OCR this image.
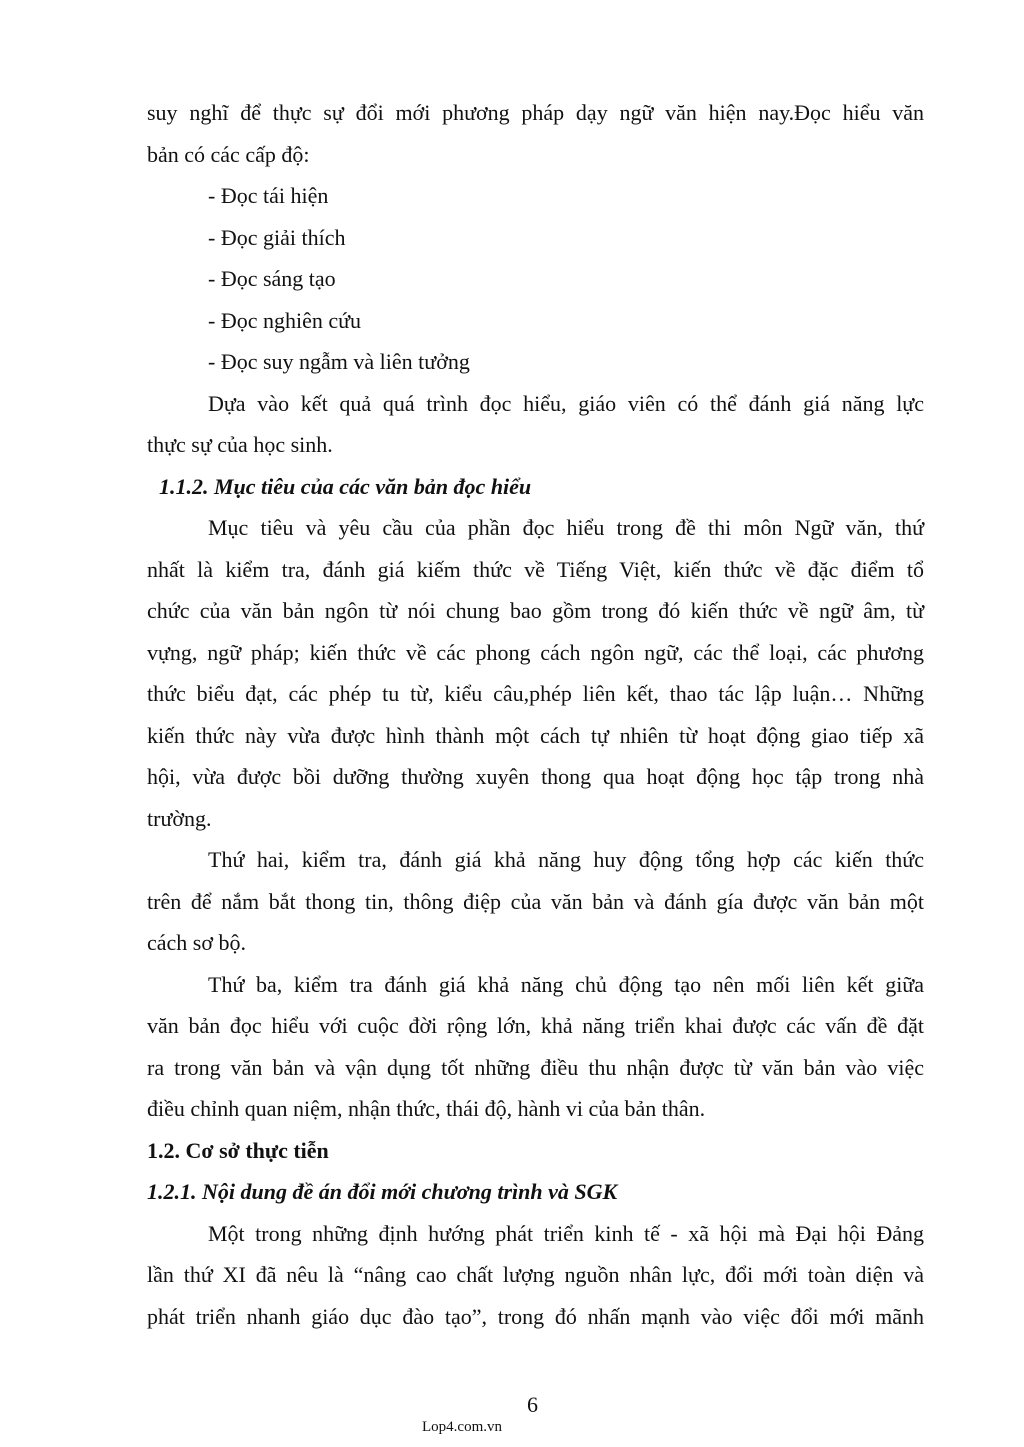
suy nghĩ để thực sự đổi mới phương pháp dạy ngữ văn hiện nay.Đọc hiểu văn
bản có các cấp độ:
- Đọc tái hiện
- Đọc giải thích
- Đọc sáng tạo
- Đọc nghiên cứu
- Đọc suy ngẫm và liên tưởng
Dựa vào kết quả quá trình đọc hiểu, giáo viên có thể đánh giá năng lực
thực sự của học sinh.
1.1.2. Mục tiêu của các văn bản đọc hiểu
Mục tiêu và yêu cầu của phần đọc hiểu trong đề thi môn Ngữ văn, thứ
nhất là kiểm tra, đánh giá kiếm thức về Tiếng Việt, kiến thức về đặc điểm tổ
chức của văn bản ngôn từ nói chung bao gồm trong đó kiến thức về ngữ âm, từ
vựng, ngữ pháp; kiến thức về các phong cách ngôn ngữ, các thể loại, các phương
thức biểu đạt, các phép tu từ, kiểu câu,phép liên kết, thao tác lập luận… Những
kiến thức này vừa được hình thành một cách tự nhiên từ hoạt động giao tiếp xã
hội, vừa được bồi dưỡng thường xuyên thong qua hoạt động học tập trong nhà
trường.
Thứ hai, kiểm tra, đánh giá khả năng huy động tổng hợp các kiến thức
trên để nắm bắt thong tin, thông điệp của văn bản và đánh gía được văn bản một
cách sơ bộ.
Thứ ba, kiểm tra đánh giá khả năng chủ động tạo nên mối liên kết giữa
văn bản đọc hiểu với cuộc đời rộng lớn, khả năng triển khai được các vấn đề đặt
ra trong văn bản và vận dụng tốt những điều thu nhận được từ văn bản vào việc
điều chỉnh quan niệm, nhận thức, thái độ, hành vi của bản thân.
1.2. Cơ sở thực tiễn
1.2.1. Nội dung đề án đổi mới chương trình và SGK
Một trong những định hướng phát triển kinh tế - xã hội mà Đại hội Đảng
lần thứ XI đã nêu là “nâng cao chất lượng nguồn nhân lực, đổi mới toàn diện và
phát triển nhanh giáo dục đào tạo”, trong đó nhấn mạnh vào việc đổi mới mãnh
6
Lop4.com.vn
